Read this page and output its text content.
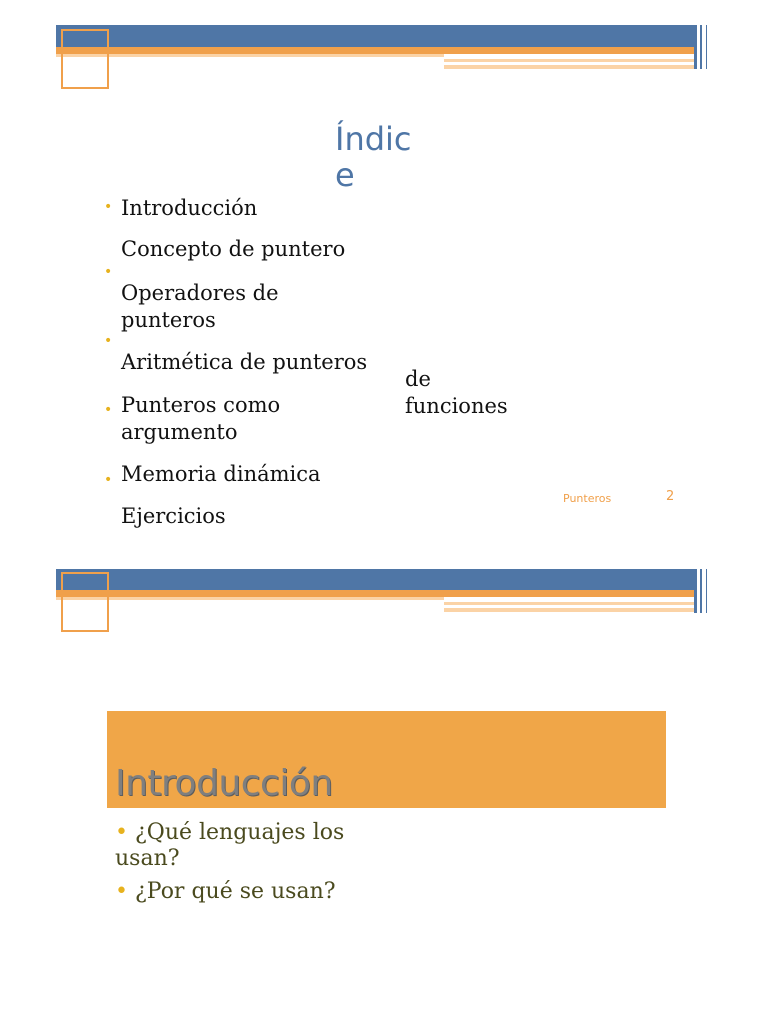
Índice
• Introducción
Concepto de puntero
•
Operadores de punteros
•
Aritmética de punteros
de funciones
• Punteros como argumento
• Memoria dinámica
Ejercicios
Punteros	2
Introducción
• ¿Qué lenguajes los usan?
• ¿Por qué se usan?
